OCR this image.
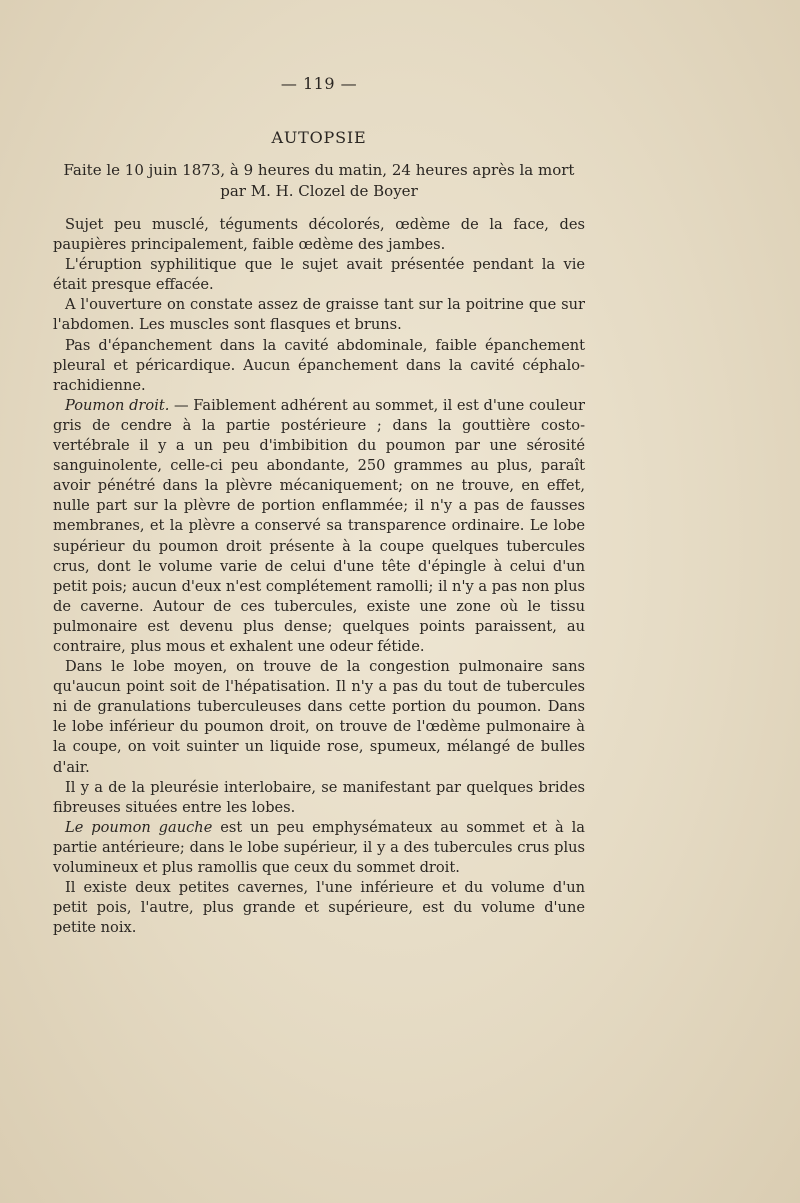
— 119 —
AUTOPSIE
Faite le 10 juin 1873, à 9 heures du matin, 24 heures après la mort
par M. H. Clozel de Boyer

Sujet peu musclé, téguments décolorés, œdème de la face, des paupières principalement, faible œdème des jambes.

L'éruption syphilitique que le sujet avait présentée pendant la vie était presque effacée.

A l'ouverture on constate assez de graisse tant sur la poitrine que sur l'abdomen. Les muscles sont flasques et bruns.

Pas d'épanchement dans la cavité abdominale, faible épanchement pleural et péricardique. Aucun épanchement dans la cavité céphalo-rachidienne.

Poumon droit. — Faiblement adhérent au sommet, il est d'une couleur gris de cendre à la partie postérieure ; dans la gouttière costo-vertébrale il y a un peu d'imbibition du poumon par une sérosité sanguinolente, celle-ci peu abondante, 250 grammes au plus, paraît avoir pénétré dans la plèvre mécaniquement; on ne trouve, en effet, nulle part sur la plèvre de portion enflammée; il n'y a pas de fausses membranes, et la plèvre a conservé sa transparence ordinaire. Le lobe supérieur du poumon droit présente à la coupe quelques tubercules crus, dont le volume varie de celui d'une tête d'épingle à celui d'un petit pois; aucun d'eux n'est complétement ramolli; il n'y a pas non plus de caverne. Autour de ces tubercules, existe une zone où le tissu pulmonaire est devenu plus dense; quelques points paraissent, au contraire, plus mous et exhalent une odeur fétide.

Dans le lobe moyen, on trouve de la congestion pulmonaire sans qu'aucun point soit de l'hépatisation. Il n'y a pas du tout de tubercules ni de granulations tuberculeuses dans cette portion du poumon. Dans le lobe inférieur du poumon droit, on trouve de l'œdème pulmonaire à la coupe, on voit suinter un liquide rose, spumeux, mélangé de bulles d'air.

Il y a de la pleurésie interlobaire, se manifestant par quelques brides fibreuses situées entre les lobes.

Le poumon gauche est un peu emphysémateux au sommet et à la partie antérieure; dans le lobe supérieur, il y a des tubercules crus plus volumineux et plus ramollis que ceux du sommet droit.

Il existe deux petites cavernes, l'une inférieure et du volume d'un petit pois, l'autre, plus grande et supérieure, est du volume d'une petite noix.
